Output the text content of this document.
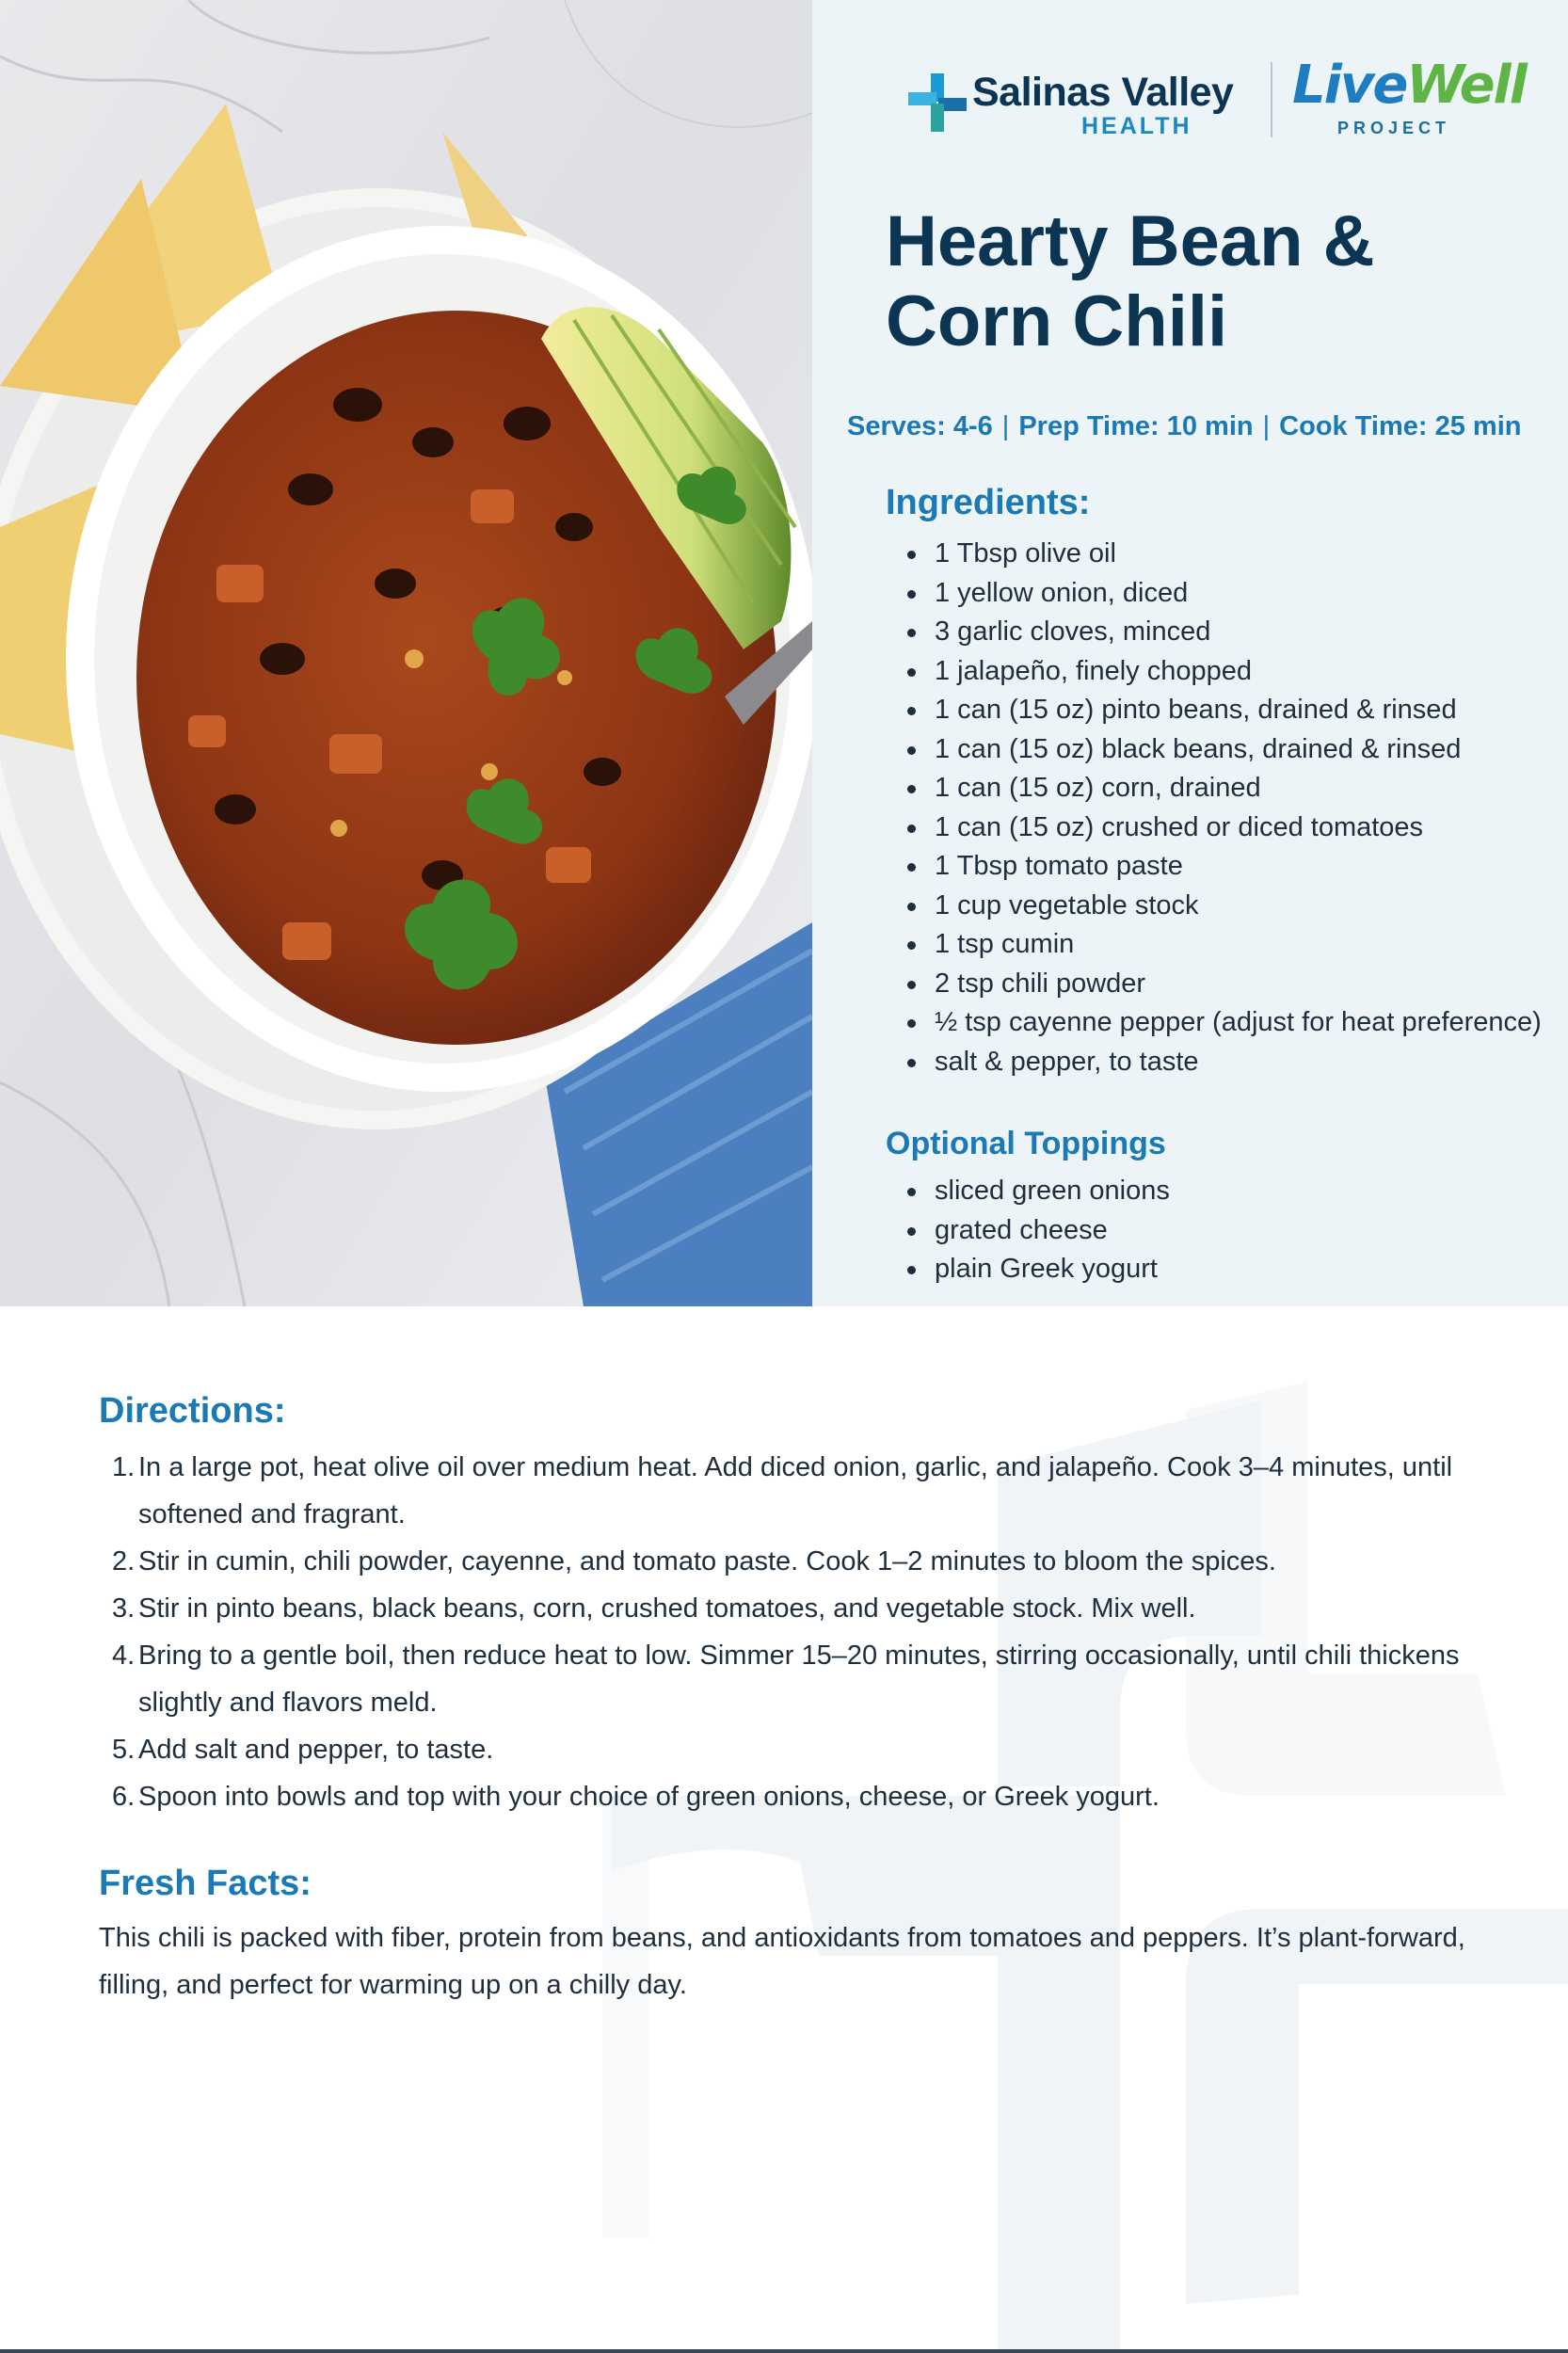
Salinas Valley
HEALTH
LiveWell
PROJECT
Hearty Bean &
Corn Chili
Serves: 4-6 | Prep Time: 10 min | Cook Time: 25 min
Ingredients:
1 Tbsp olive oil
1 yellow onion, diced
3 garlic cloves, minced
1 jalapeño, finely chopped
1 can (15 oz) pinto beans, drained & rinsed
1 can (15 oz) black beans, drained & rinsed
1 can (15 oz) corn, drained
1 can (15 oz) crushed or diced tomatoes
1 Tbsp tomato paste
1 cup vegetable stock
1 tsp cumin
2 tsp chili powder
½ tsp cayenne pepper (adjust for heat preference)
salt & pepper, to taste
Optional Toppings
sliced green onions
grated cheese
plain Greek yogurt
Directions:
1. In a large pot, heat olive oil over medium heat. Add diced onion, garlic, and jalapeño. Cook 3–4 minutes, until softened and fragrant.
2. Stir in cumin, chili powder, cayenne, and tomato paste. Cook 1–2 minutes to bloom the spices.
3. Stir in pinto beans, black beans, corn, crushed tomatoes, and vegetable stock. Mix well.
4. Bring to a gentle boil, then reduce heat to low. Simmer 15–20 minutes, stirring occasionally, until chili thickens slightly and flavors meld.
5. Add salt and pepper, to taste.
6. Spoon into bowls and top with your choice of green onions, cheese, or Greek yogurt.
Fresh Facts:

This chili is packed with fiber, protein from beans, and antioxidants from tomatoes and peppers. It’s plant-forward, filling, and perfect for warming up on a chilly day.
